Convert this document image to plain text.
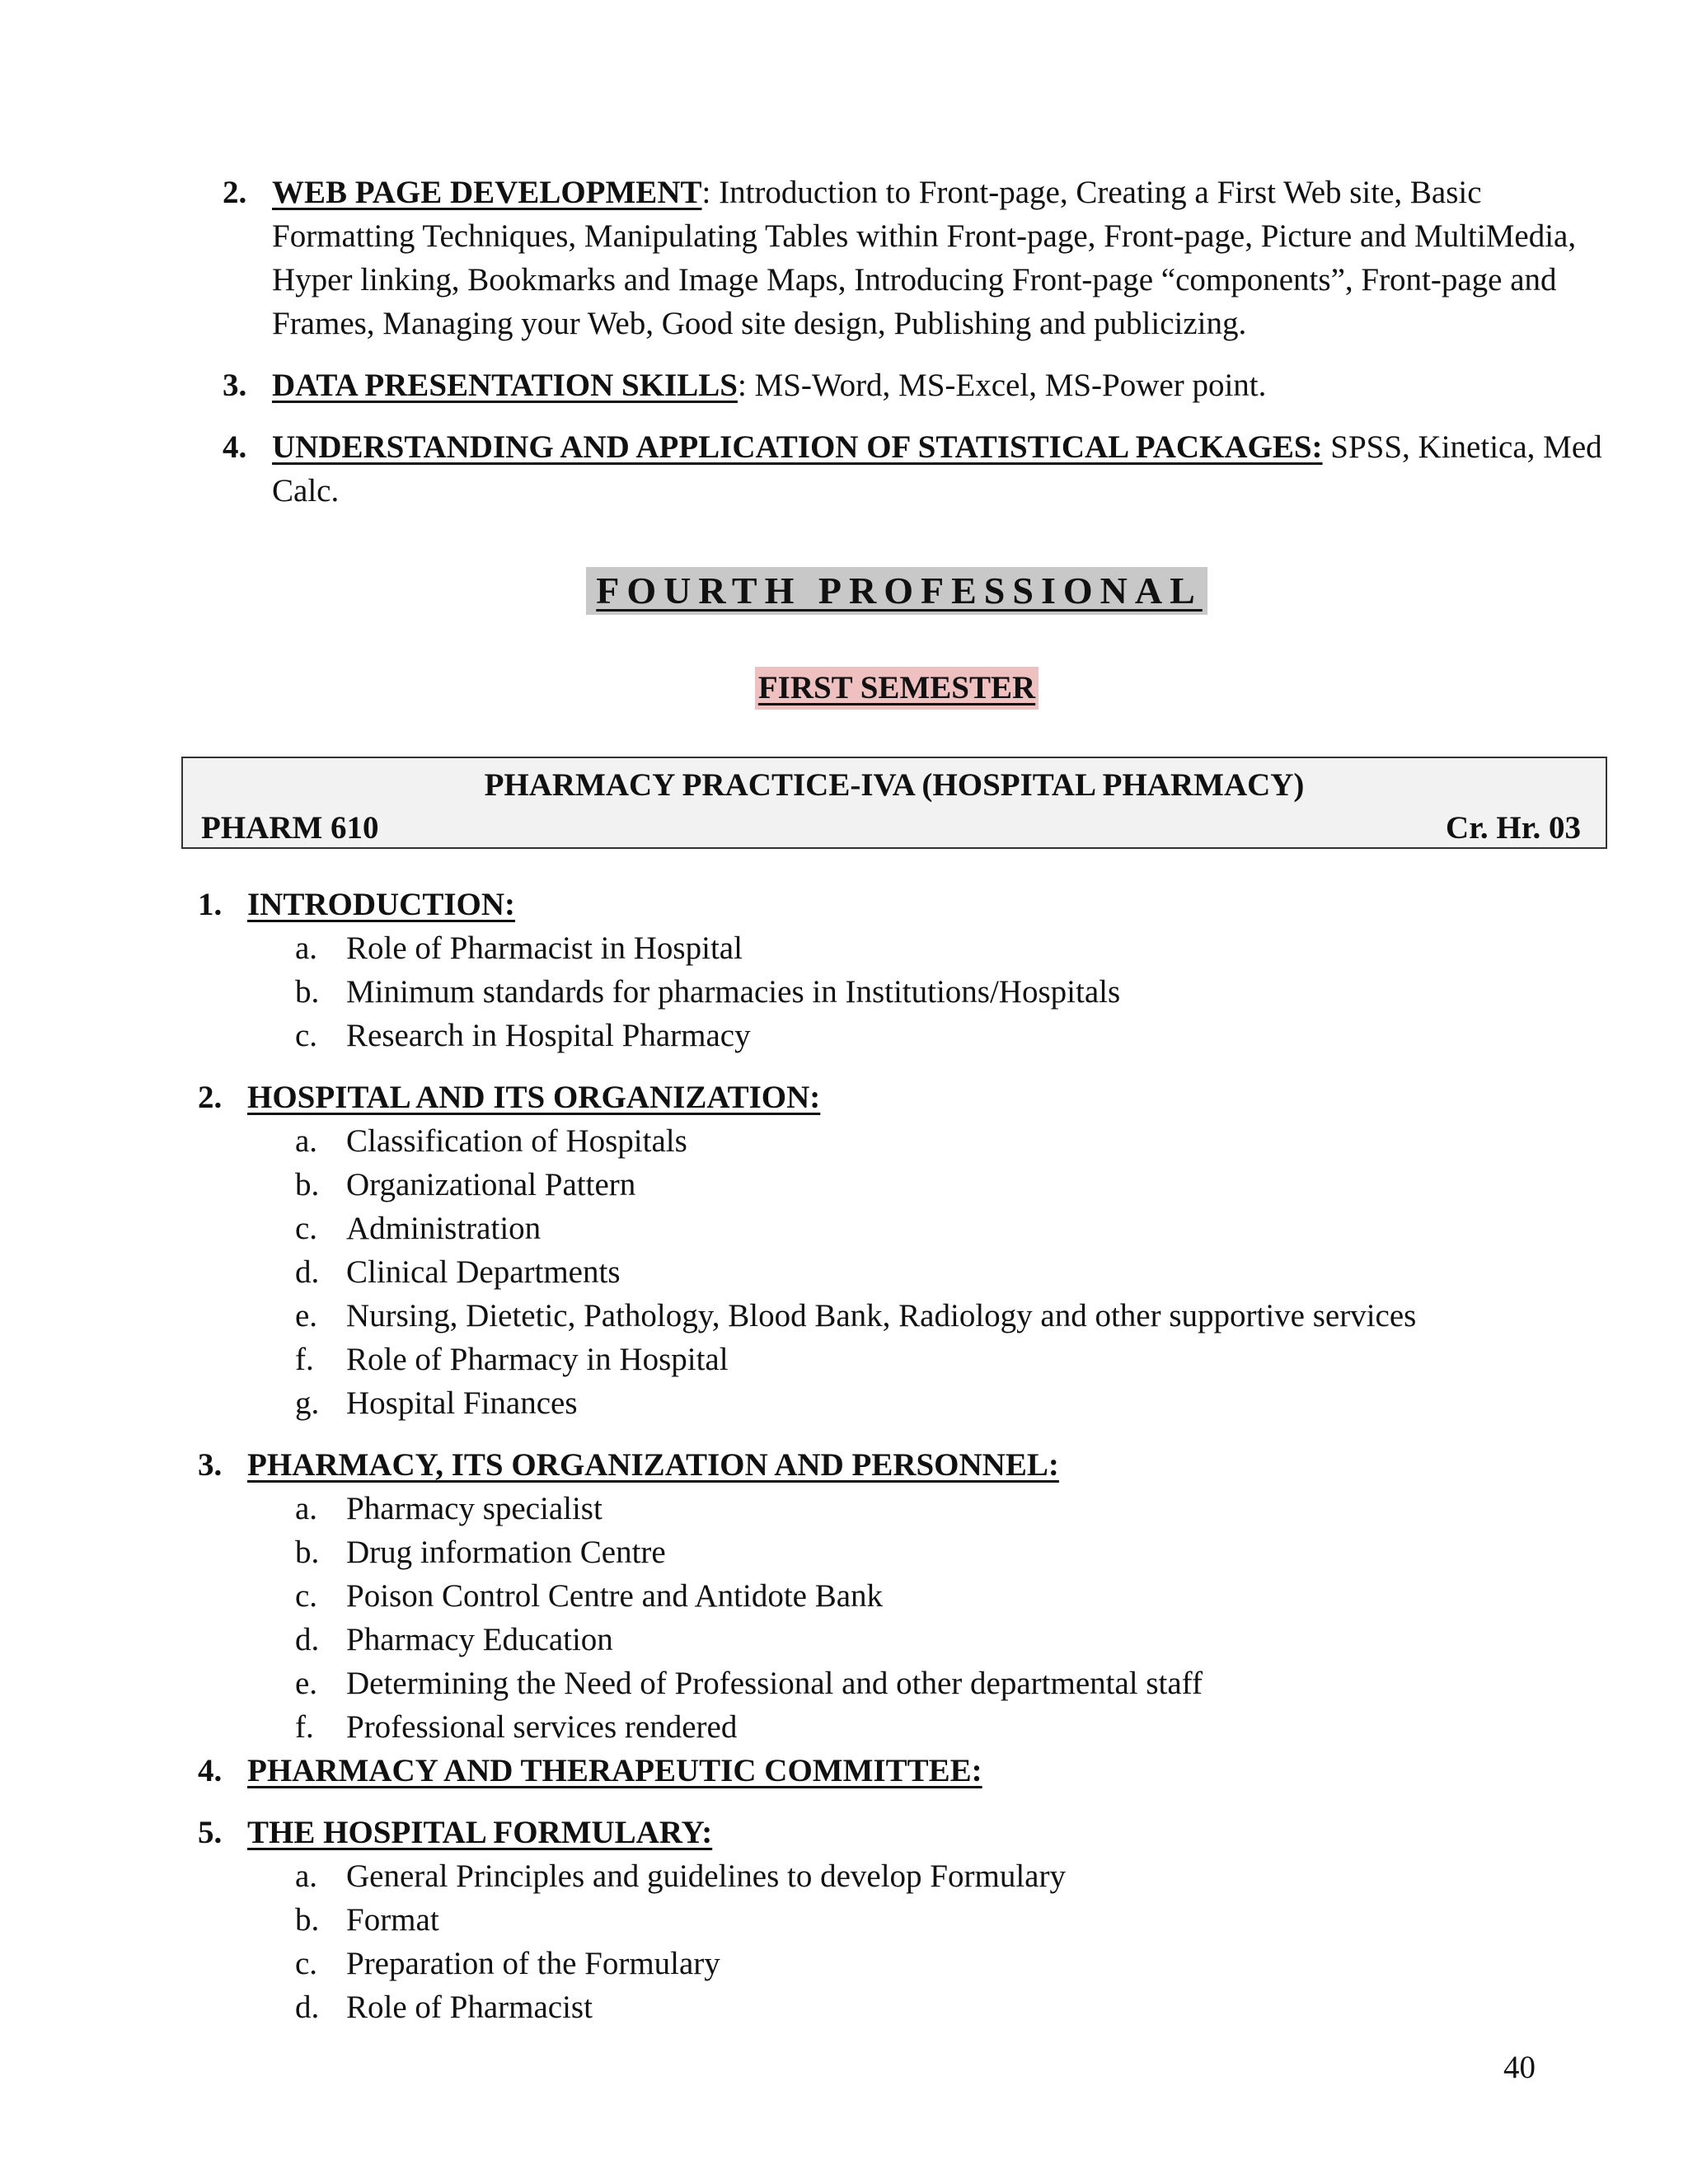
2. WEB PAGE DEVELOPMENT: Introduction to Front-page, Creating a First Web site, Basic Formatting Techniques, Manipulating Tables within Front-page, Front-page, Picture and MultiMedia, Hyper linking, Bookmarks and Image Maps, Introducing Front-page “components”, Front-page and Frames, Managing your Web, Good site design, Publishing and publicizing.
3. DATA PRESENTATION SKILLS: MS-Word, MS-Excel, MS-Power point.
4. UNDERSTANDING AND APPLICATION OF STATISTICAL PACKAGES: SPSS, Kinetica, Med Calc.
FOURTH PROFESSIONAL
FIRST SEMESTER
PHARMACY PRACTICE-IVA (HOSPITAL PHARMACY)
PHARM 610	Cr. Hr. 03
1. INTRODUCTION:
a. Role of Pharmacist in Hospital
b. Minimum standards for pharmacies in Institutions/Hospitals
c. Research in Hospital Pharmacy
2. HOSPITAL AND ITS ORGANIZATION:
a. Classification of Hospitals
b. Organizational Pattern
c. Administration
d. Clinical Departments
e. Nursing, Dietetic, Pathology, Blood Bank, Radiology and other supportive services
f. Role of Pharmacy in Hospital
g. Hospital Finances
3. PHARMACY, ITS ORGANIZATION AND PERSONNEL:
a. Pharmacy specialist
b. Drug information Centre
c. Poison Control Centre and Antidote Bank
d. Pharmacy Education
e. Determining the Need of Professional and other departmental staff
f. Professional services rendered
4. PHARMACY AND THERAPEUTIC COMMITTEE:
5. THE HOSPITAL FORMULARY:
a. General Principles and guidelines to develop Formulary
b. Format
c. Preparation of the Formulary
d. Role of Pharmacist
40
